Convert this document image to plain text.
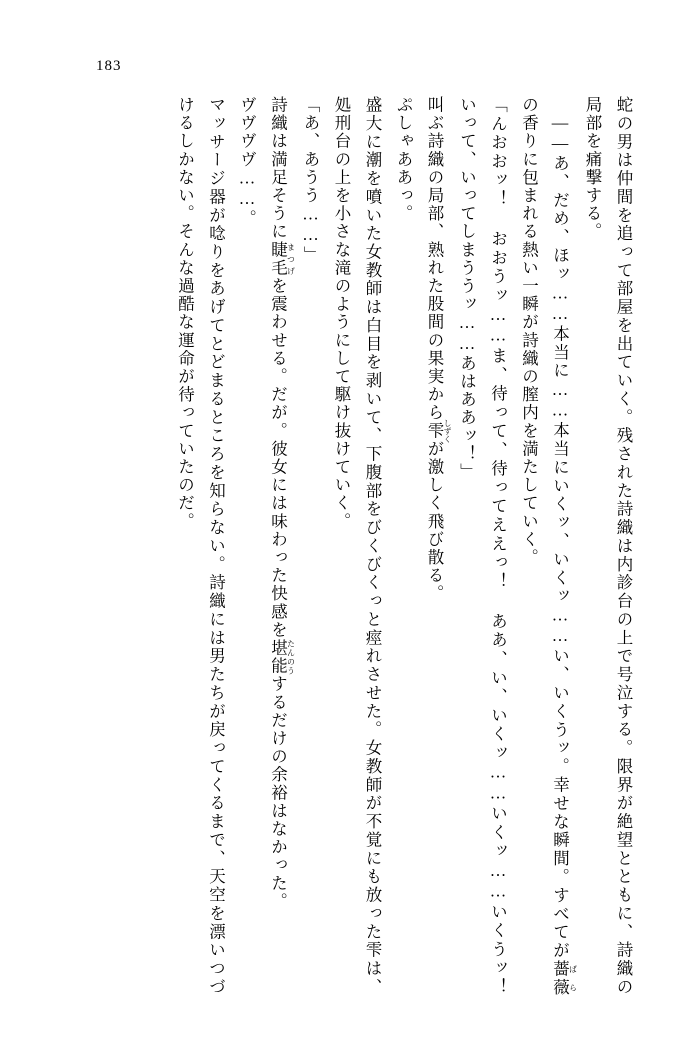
183

蛇の男は仲間を追って部屋を出ていく。残された詩織は内診台の上で号泣する。限界が絶望とともに、詩織の局部を痛撃する。

――あ、だめ、ほッ……本当に……本当にいくッ、いくッ……い、いくうッ。幸せな瞬間。すべてが薔薇 ばらの香りに包まれる熱い一瞬が詩織の膣内を満たしていく。

「んおおッ！ おおうッ……ま、待って、待ってええっ！ ああ、い、いくッ……いくッ……いくうッ！ いって、いってしまううッ……あはああッ！」

叫ぶ詩織の局部、熟れた股間の果実から雫 しずくが激しく飛び散る。

ぷしゃああっ。

盛大に潮を噴いた女教師は白目を剥いて、下腹部をびくびくっと痙れさせた。女教師が不覚にも放った雫は、処刑台の上を小さな滝のようにして駆け抜けていく。

「あ、あうう……」

詩織は満足そうに睫毛 まつげを震わせる。だが。彼女には味わった快感を堪能 たんのうするだけの余裕はなかった。

ヴヴヴヴ……。

マッサージ器が唸りをあげてとどまるところを知らない。詩織には男たちが戻ってくるまで、天空を漂いつづけるしかない。そんな過酷な運命が待っていたのだ。
